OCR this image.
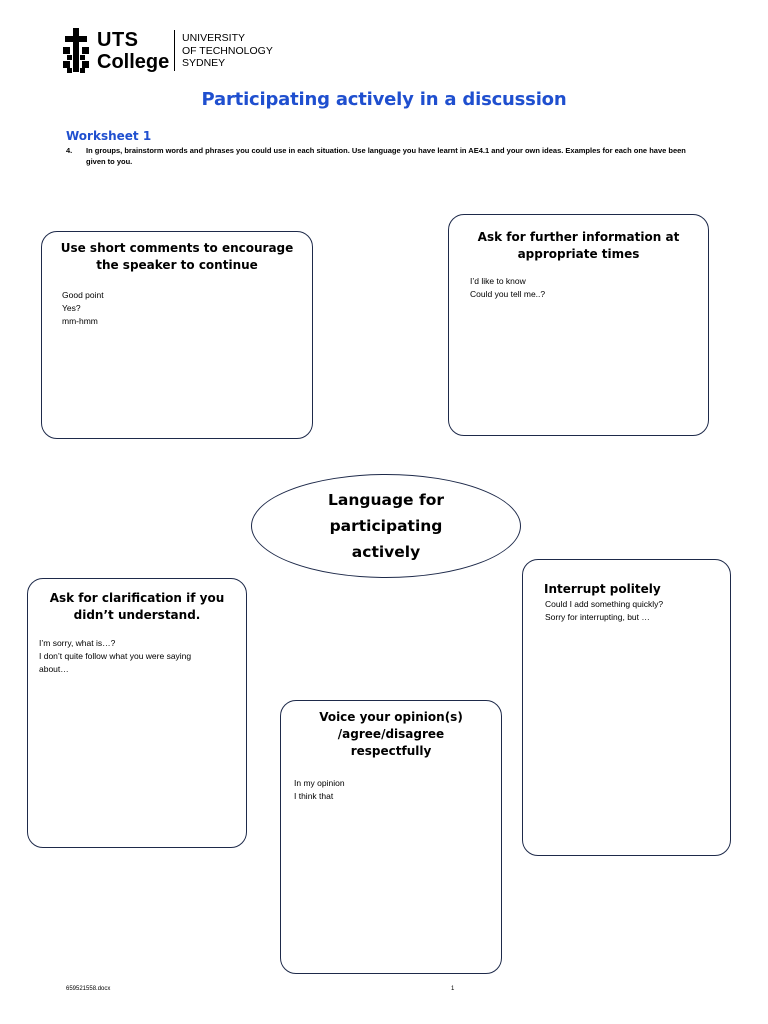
UTS
College
UNIVERSITY
OF TECHNOLOGY
SYDNEY
Participating actively in a discussion
Worksheet 1
4. In groups, brainstorm words and phrases you could use in each situation. Use language you have learnt in AE4.1 and your own ideas. Examples for each one have been given to you.
Use short comments to encourage the speaker to continue
Good point
Yes?
mm-hmm
Ask for further information at appropriate times
I’d like to know
Could you tell me..?
Language for participating actively
Ask for clarification if you didn’t understand.
I’m sorry, what is…?
I don’t quite follow what you were saying
about…
Interrupt politely
Could I add something quickly?
Sorry for interrupting, but …
Voice your opinion(s) /agree/disagree respectfully
In my opinion
I think that
659521558.docx	1
